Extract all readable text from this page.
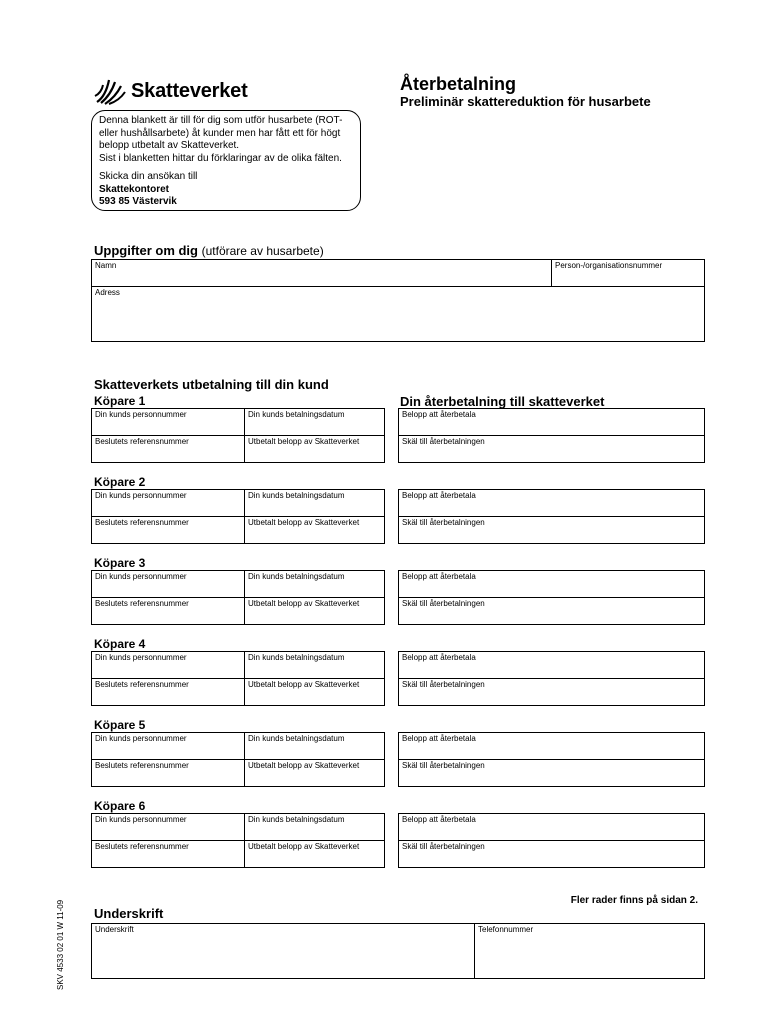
Skatteverket	Återbetalning
Preliminär skattereduktion för husarbete
Denna blankett är till för dig som utför husarbete (ROT-
eller hushållsarbete) åt kunder men har fått ett för högt
belopp utbetalt av Skatteverket.
Sist i blanketten hittar du förklaringar av de olika fälten.
Skicka din ansökan till
Skattekontoret
593 85 Västervik
Uppgifter om dig (utförare av husarbete)
Namn	Person-/organisationsnummer
Adress
Skatteverkets utbetalning till din kund
Din återbetalning till skatteverket
Köpare 1
Din kunds personnummer	Din kunds betalningsdatum
Beslutets referensnummer	Utbetalt belopp av Skatteverket
Belopp att återbetala
Skäl till återbetalningen
Köpare 2
Din kunds personnummer	Din kunds betalningsdatum
Beslutets referensnummer	Utbetalt belopp av Skatteverket
Belopp att återbetala
Skäl till återbetalningen
Köpare 3
Din kunds personnummer	Din kunds betalningsdatum
Beslutets referensnummer	Utbetalt belopp av Skatteverket
Belopp att återbetala
Skäl till återbetalningen
Köpare 4
Din kunds personnummer	Din kunds betalningsdatum
Beslutets referensnummer	Utbetalt belopp av Skatteverket
Belopp att återbetala
Skäl till återbetalningen
Köpare 5
Din kunds personnummer	Din kunds betalningsdatum
Beslutets referensnummer	Utbetalt belopp av Skatteverket
Belopp att återbetala
Skäl till återbetalningen
Köpare 6
Din kunds personnummer	Din kunds betalningsdatum
Beslutets referensnummer	Utbetalt belopp av Skatteverket
Belopp att återbetala
Skäl till återbetalningen
Fler rader finns på sidan 2.
Underskrift
Underskrift	Telefonnummer
SKV 4533 02 01 W 11-09
